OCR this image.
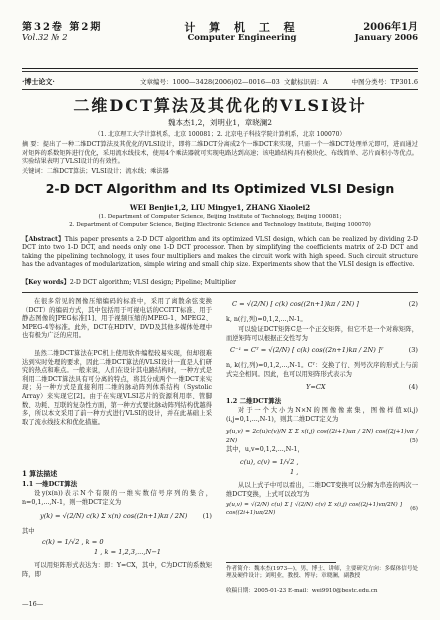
第32卷 第2期
Vol.32 № 2
计 算 机 工 程
Computer Engineering
2006年1月
January 2006
·博士论文·	文章编号：1000—3428(2006)02—0016—03 文献标识码：A	中图分类号：TP301.6
二维DCT算法及其优化的VLSI设计
魏本杰1,2，刘明业1，章晓澜2
（1. 北京理工大学计算机系，北京 100081；2. 北京电子科技学院计算机系，北京 100070）
摘 要：提出了一种二维DCT算法及其优化的VLSI设计，即将二维DCT分离成2个一维DCT来实现，只需一个一维DCT处理单元即可，进而通过对矩阵的系数矩阵进行优化，采用流水线技术，使用4个乘法器就可实现电路达到高速；该电路结构具有模块化、布线简单、芯片面积小等优点。实验结果表明了VLSI设计的有效性。
关键词：二维DCT算法；VLSI设计；流水线；乘法器
2-D DCT Algorithm and Its Optimized VLSI Design
WEI Benjie1,2, LIU Mingye1, ZHANG Xiaolei2
(1. Department of Computer Science, Beijing Institute of Technology, Beijing 100081;
2. Department of Computer Science, Beijing Electronic Science and Technology Institute, Beijing 100070)
【Abstract】This paper presents a 2-D DCT algorithm and its optimized VLSI design, which can be realized by dividing 2-D DCT into two 1-D DCT, and needs only one 1-D DCT processor. Then by simplifying the coefficients matrix of 2-D DCT and taking the pipelining technology, it uses four multipliers and makes the circuit work with high speed. Such circuit structure has the advantages of modularization, simple wiring and small chip size. Experiments show that the VLSI design is effective.
【Key words】2-D DCT algorithm; VLSI design; Pipeline; Multiplier
在很多常见的图像压缩编码的标准中，采用了离散余弦变换（DCT）的编码方式，其中包括用于可视电话的CCITT标准、用于静态图像的JPEG标准[1]、用于视频压缩的MPEG-1、MPEG2、MPEG-4等标准。此外，DCT在HDTV、DVD及其他多媒体处理中也有极为广泛的应用。
虽然二维DCT算法在PC机上使用软件编程较易实现，但却很难达到实时处理的要求，因此二维DCT算法的VLSI设计一直是人们研究的热点和难点。一般来说，人们在设计其电路结构时，一种方式是利用二维DCT算法具有可分离的特点，将其分成两个一维DCT来实现；另一种方式是直接利用二维的脉动阵列体系结构（Systolic Array）来实现它[2]。由于在实现VLSI芯片的资源利用率、管脚数、功耗、互联的复杂性方面，第一种方式要比脉动阵列结构优越得多，所以本文采用了前一种方式进行VLSI的设计，并在此基础上采取了流水线技术和优化措施。
1 算法描述
1.1 一维DCT算法
设y(x(n))表示N个有限的一维实数信号序列的集合，n=0,1,...,N-1，则一维DCT定义为
y(k) = √(2/N) c(k) Σ x(n) cos((2n+1)kπ / 2N) (1)
其中
c(k) = 1/√2 , k = 0
1 , k = 1,2,3,...,N−1
可以用矩阵形式表达为：即：Y=CX，其中，C为DCT的系数矩阵，即
C = √(2/N) [ c(k) cos((2n+1)kπ / 2N) ]	(2)
k, n(行,列)=0,1,2,...,N-1。
可以验证DCT矩阵C是一个正交矩阵，但它不是一个对称矩阵，而逆矩阵可以根据正交性写为
C⁻¹ = Cᵀ = √(2/N) [ c(k) cos((2n+1)kπ / 2N) ]ᵀ	(3)
n, k(行,列)=0,1,2,...,N-1。Cᵀ：交换了行、列号次序的形式上与前式完全相同。因此，也可以用矩阵形式表示为
Y=CX	(4)
1.2 二维DCT算法
对于一个大小为N×N的图像像素集，图像样值x(i,j)(i,j=0,1,...,N-1)，则其二维DCT定义为
y(u,v) = 2c(u)c(v)/N Σ Σ x(i,j) cos((2i+1)uπ / 2N) cos((2j+1)vπ / 2N)	(5)
其中，u,v=0,1,2,...,N-1，
c(u), c(v) = 1/√2 ,
1 ,
从以上式子中可以看出，二维DCT变换可以分解为串连的两次一维DCT变换，上式可以改写为
y(u,v) = √(2/N) c(u) Σ [ √(2/N) c(v) Σ x(i,j) cos((2j+1)vπ/2N) ] cos((2i+1)uπ/2N)
(6)
作者简介：魏本杰(1973—)，男，博士、讲师，主要研究方向：多媒体信号处理及硬件设计；刘明业，教授、博导；章晓澜，副教授
收稿日期：2005-01-23 E-mail：wei9910@bestc.edu.cn
—16—
